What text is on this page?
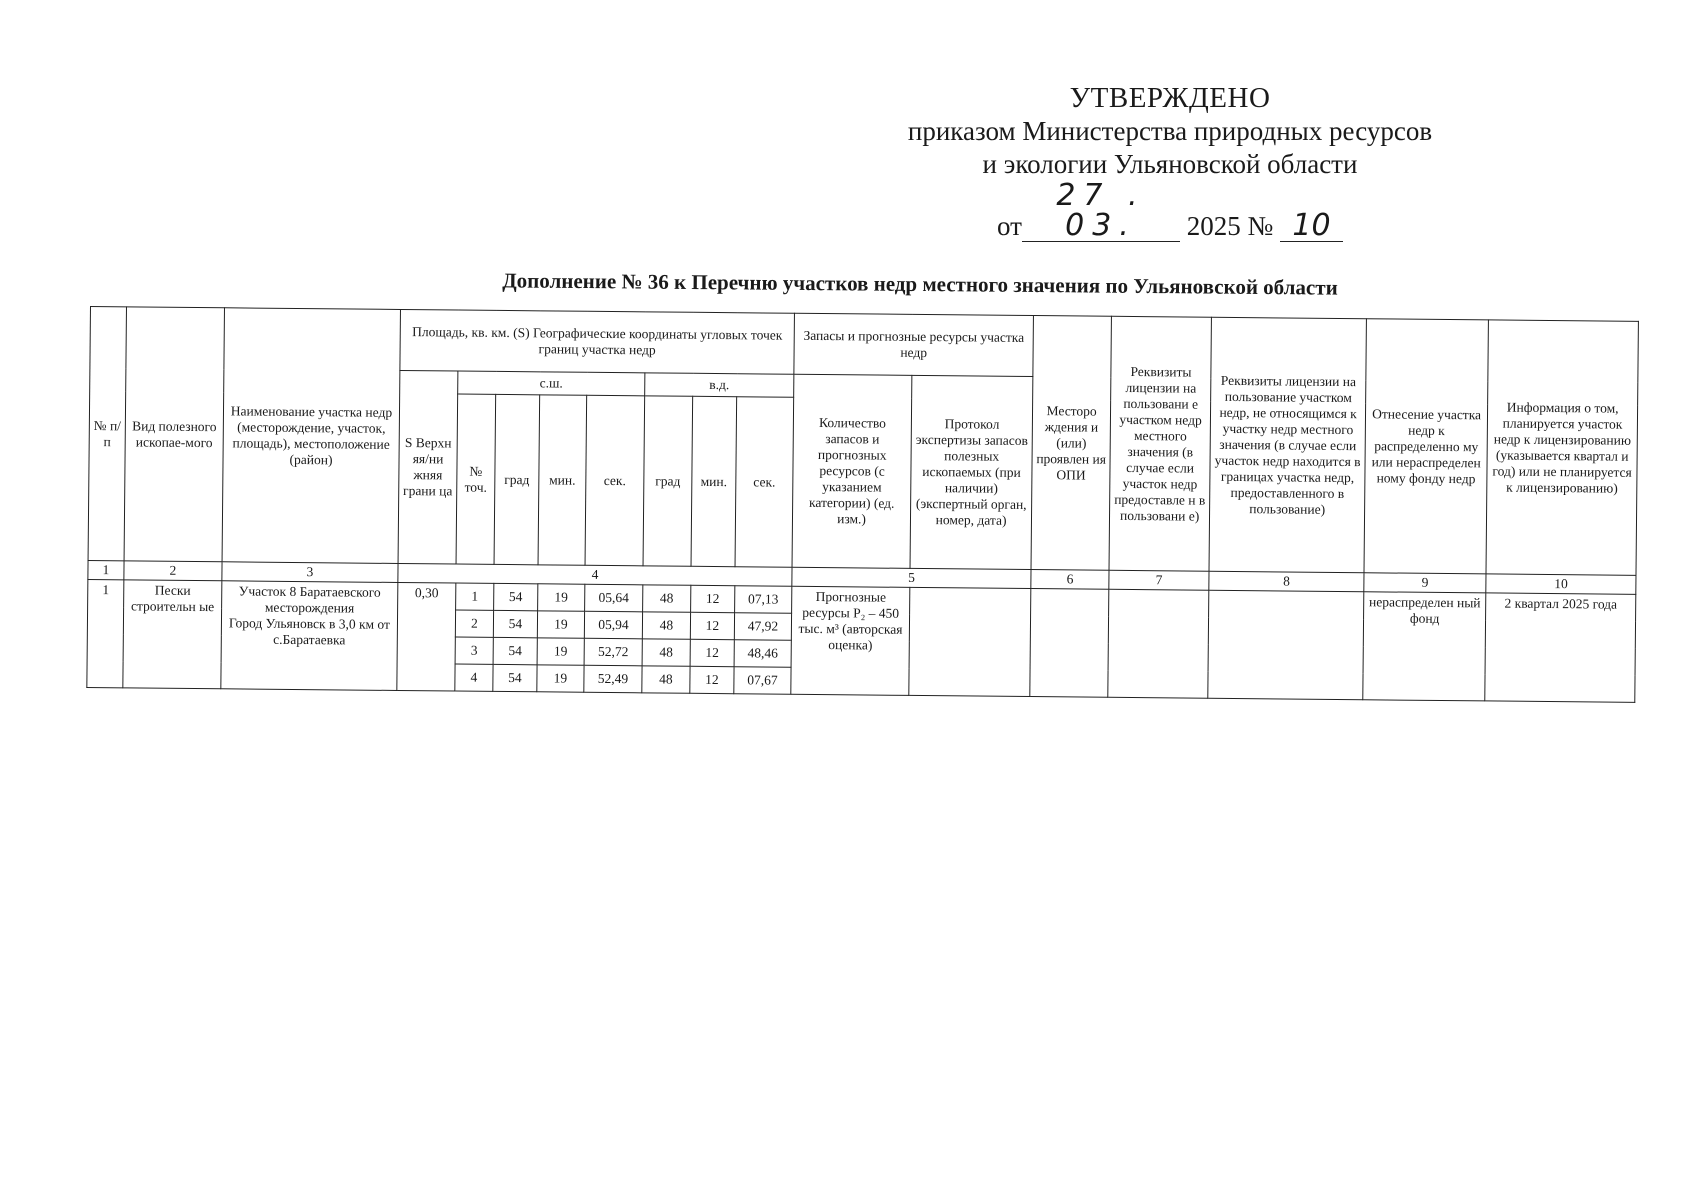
УТВЕРЖДЕНО
приказом Министерства природных ресурсов
и экологии Ульяновской области
от27 . 03. 2025 № 10
Дополнение № 36 к Перечню участков недр местного значения по Ульяновской области
№ п/п	Вид полезного ископае-мого	Наименование участка недр (месторождение, участок, площадь), местоположение (район)	Площадь, кв. км. (S) Географические координаты угловых точек границ участка недр								Запасы и прогнозные ресурсы участка недр		Месторо ждения и (или) проявлен ия ОПИ	Реквизиты лицензии на пользовани е участком недр местного значения (в случае если участок недр предоставле н в пользовани е)	Реквизиты лицензии на пользование участком недр, не относящимся к участку недр местного значения (в случае если участок недр находится в границах участка недр, предоставленного в пользование)	Отнесение участка недр к распределенно му или нераспределен ному фонду недр	Информация о том, планируется участок недр к лицензированию (указывается квартал и год) или не планируется к лицензированию)
			S Верхн яя/ни жняя грани ца	с.ш.				в.д.			Количество запасов и прогнозных ресурсов (с указанием категории) (ед. изм.)	Протокол экспертизы запасов полезных ископаемых (при наличии) (экспертный орган, номер, дата)					
				№ точ.	град	мин.	сек.	град	мин.	сек.							
1	2	3	4								5		6	7	8	9	10
1	Пески строительн ые	Участок 8 Баратаевского месторождения
Город Ульяновск в 3,0 км от с.Баратаевка	0,30	1	54	19	05,64	48	12	07,13	Прогнозные ресурсы Р₂ – 450 тыс. м³ (авторская оценка)					нераспределен ный фонд	2 квартал 2025 года
				2	54	19	05,94	48	12	47,92							
				3	54	19	52,72	48	12	48,46							
				4	54	19	52,49	48	12	07,67							
